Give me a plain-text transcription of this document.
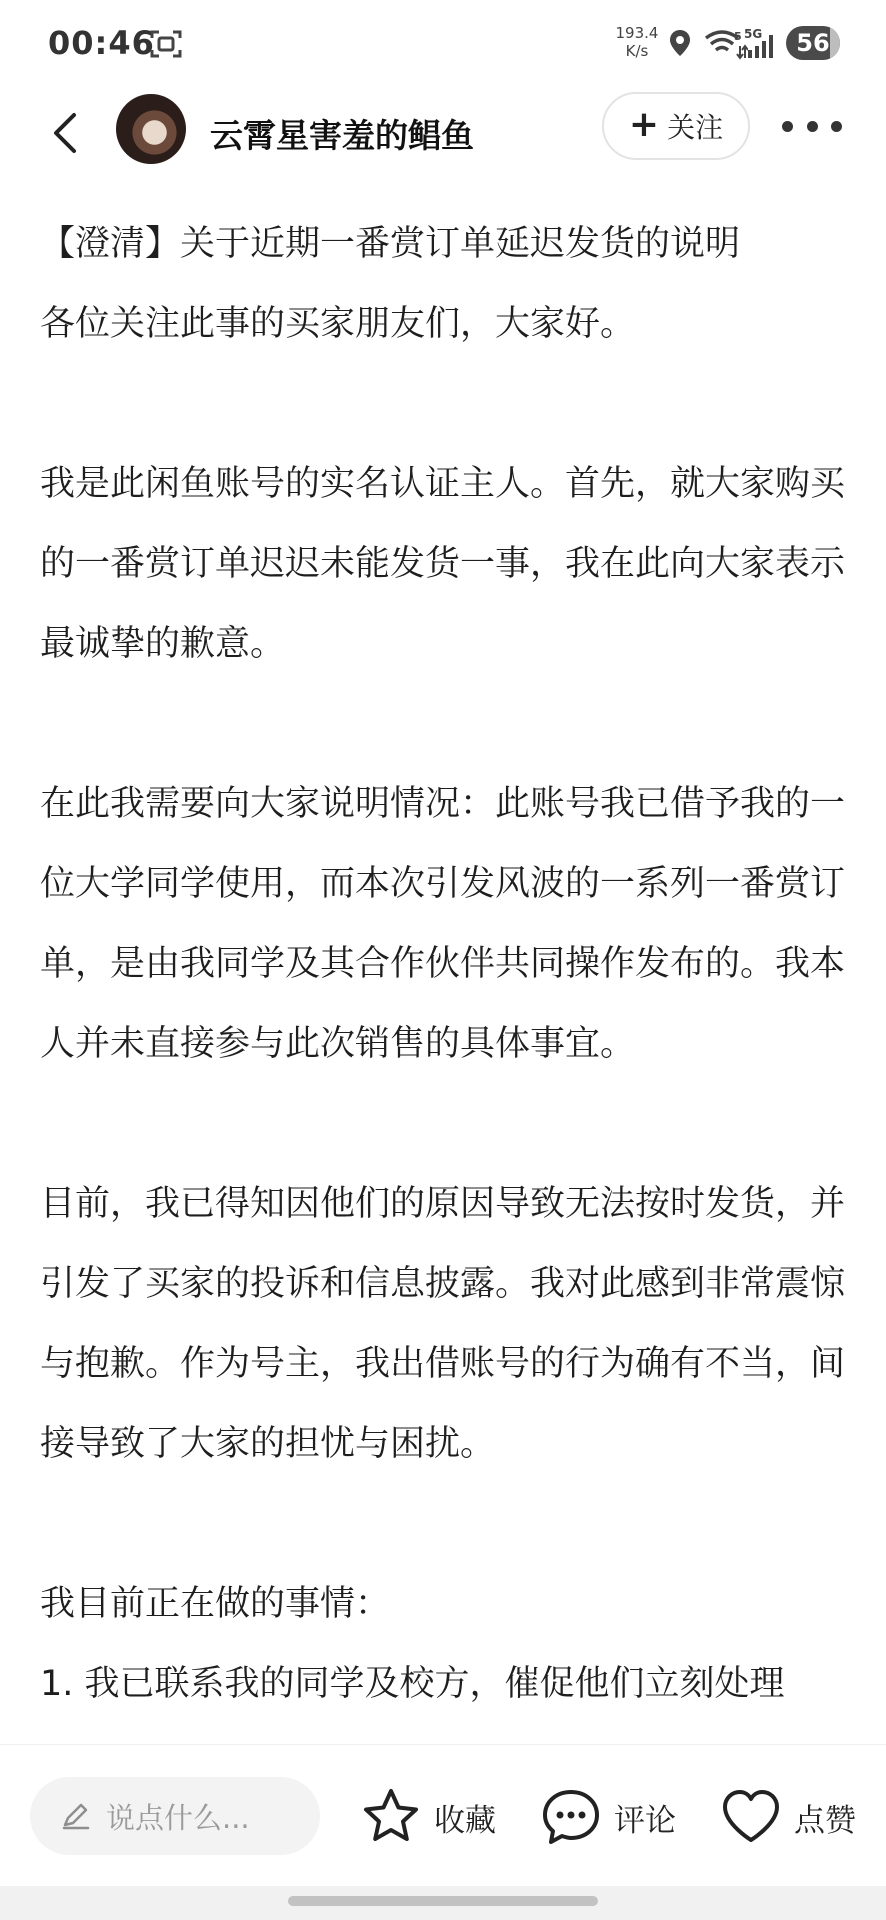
00:46	193.4
K/s
5 5G	56
云霄星害羞的鲳鱼	+ 关注

【澄清】关于近期一番赏订单延迟发货的说明
各位关注此事的买家朋友们，大家好。

我是此闲鱼账号的实名认证主人。首先，就大家购买的一番赏订单迟迟未能发货一事，我在此向大家表示最诚挚的歉意。

在此我需要向大家说明情况：此账号我已借予我的一位大学同学使用，而本次引发风波的一系列一番赏订单，是由我同学及其合作伙伴共同操作发布的。我本人并未直接参与此次销售的具体事宜。

目前，我已得知因他们的原因导致无法按时发货，并引发了买家的投诉和信息披露。我对此感到非常震惊与抱歉。作为号主，我出借账号的行为确有不当，间接导致了大家的担忧与困扰。

我目前正在做的事情：
1. 我已联系我的同学及校方，催促他们立刻处理

说点什么...	收藏	评论	点赞
